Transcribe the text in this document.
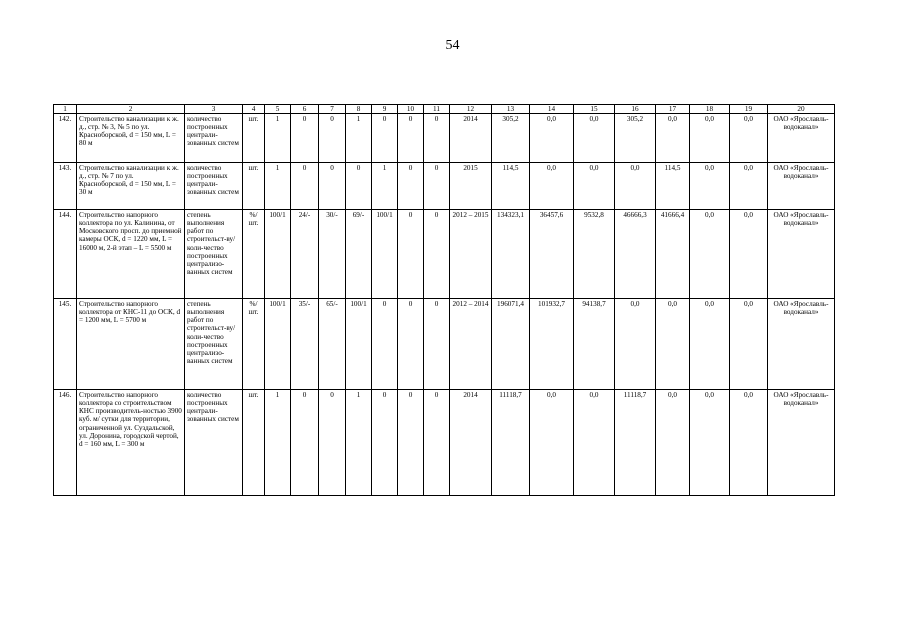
54
1	2	3	4	5	6	7	8	9	10	11	12	13	14	15	16	17	18	19	20
142.	Строительство канализации к ж. д., стр. № 3, № 5 по ул. Красноборской, d = 150 мм, L = 80 м	количество построенных централи-зованных систем	шт.	1	0	0	1	0	0	0	2014	305,2	0,0	0,0	305,2	0,0	0,0	0,0	ОАО «Ярославль-водоканал»
143.	Строительство канализации к ж. д., стр. № 7 по ул. Красноборской, d = 150 мм, L = 30 м	количество построенных централи-зованных систем	шт.	1	0	0	0	1	0	0	2015	114,5	0,0	0,0	0,0	114,5	0,0	0,0	ОАО «Ярославль-водоканал»
144.	Строительство напорного коллектора по ул. Калинина, от Московского просп. до приемной камеры ОСК, d = 1220 мм, L = 16000 м, 2-й этап – L = 5500 м	степень выполнения работ по строительст-ву/ коли-чество построенных централизо-ванных систем	%/ шт.	100/1	24/-	30/-	69/-	100/1	0	0	2012 – 2015	134323,1	36457,6	9532,8	46666,3	41666,4	0,0	0,0	ОАО «Ярославль-водоканал»
145.	Строительство напорного коллектора от КНС-11 до ОСК, d = 1200 мм, L = 5700 м	степень выполнения работ по строительст-ву/ коли-чество построенных централизо-ванных систем	%/ шт.	100/1	35/-	65/-	100/1	0	0	0	2012 – 2014	196071,4	101932,7	94138,7	0,0	0,0	0,0	0,0	ОАО «Ярославль-водоканал»
146.	Строительство напорного коллектора со строительством КНС производитель-ностью 3900 куб. м/ сутки для территории, ограниченной ул. Суздальской, ул. Доронина, городской чертой, d = 160 мм, L = 300 м	количество построенных централи-зованных систем	шт.	1	0	0	1	0	0	0	2014	11118,7	0,0	0,0	11118,7	0,0	0,0	0,0	ОАО «Ярославль-водоканал»
